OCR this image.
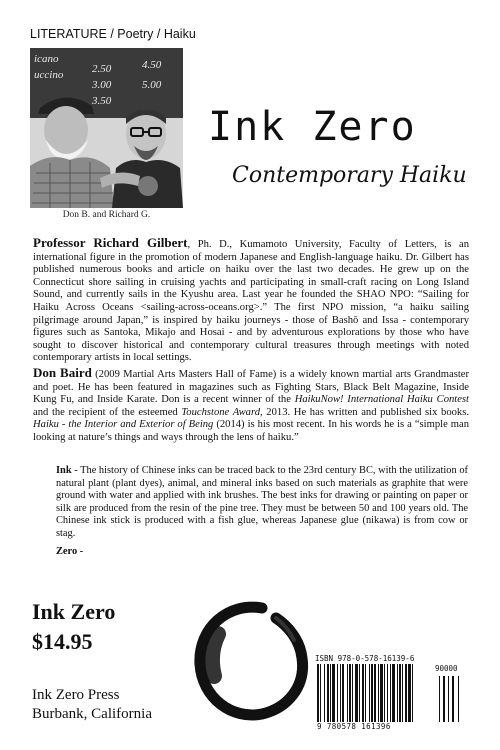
LITERATURE / Poetry / Haiku
icano
uccino	2.50
3.00
3.50
4.50
5.00
Don B. and Richard G.
Ink Zero
Contemporary Haiku
Professor Richard Gilbert, Ph. D., Kumamoto University, Faculty of Letters, is an international figure in the promotion of modern Japanese and English-language haiku. Dr. Gilbert has published numerous books and article on haiku over the last two decades. He grew up on the Connecticut shore sailing in cruising yachts and participating in small-craft racing on Long Island Sound, and currently sails in the Kyushu area. Last year he founded the SHAO NPO: “Sailing for Haiku Across Oceans <sailing-across-oceans.org>.” The first NPO mission, “a haiku sailing pilgrimage around Japan,” is inspired by haiku journeys - those of Bashō and Issa - contemporary figures such as Santoka, Mikajo and Hosai - and by adventurous explorations by those who have sought to discover historical and contemporary cultural treasures through meetings with noted contemporary artists in local settings.
Don Baird (2009 Martial Arts Masters Hall of Fame) is a widely known martial arts Grandmaster and poet. He has been featured in magazines such as Fighting Stars, Black Belt Magazine, Inside Kung Fu, and Inside Karate. Don is a recent winner of the HaikuNow! International Haiku Contest and the recipient of the esteemed Touchstone Award, 2013. He has written and published six books. Haiku - the Interior and Exterior of Being (2014) is his most recent. In his words he is a “simple man looking at nature’s things and ways through the lens of haiku.”
Ink - The history of Chinese inks can be traced back to the 23rd century BC, with the utilization of natural plant (plant dyes), animal, and mineral inks based on such materials as graphite that were ground with water and applied with ink brushes. The best inks for drawing or painting on paper or silk are produced from the resin of the pine tree. They must be between 50 and 100 years old. The Chinese ink stick is produced with a fish glue, whereas Japanese glue (nikawa) is from cow or stag.
Zero -
Ink Zero
$14.95
Ink Zero Press
Burbank, California
ISBN 978-0-578-16139-6
90000
9 780578 161396
